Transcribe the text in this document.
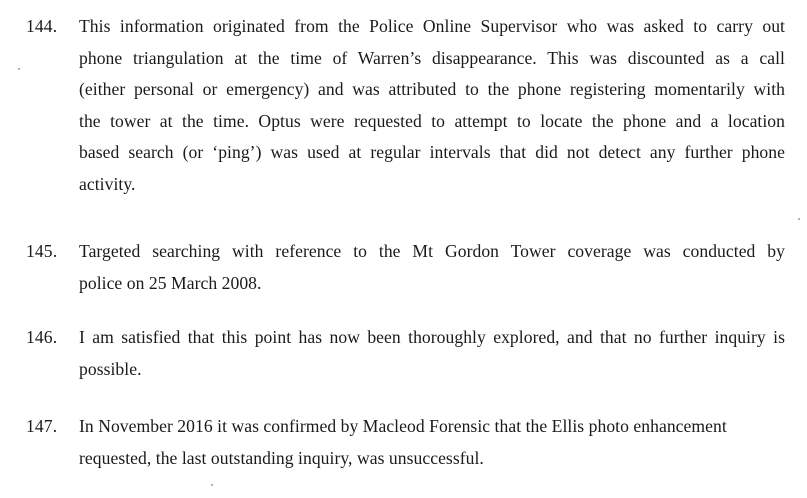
144. This information originated from the Police Online Supervisor who was asked to carry out
phone triangulation at the time of Warren’s disappearance. This was discounted as a call
(either personal or emergency) and was attributed to the phone registering momentarily with
the tower at the time. Optus were requested to attempt to locate the phone and a location
based search (or ‘ping’) was used at regular intervals that did not detect any further phone
activity.
145. Targeted searching with reference to the Mt Gordon Tower coverage was conducted by
police on 25 March 2008.
146. I am satisfied that this point has now been thoroughly explored, and that no further inquiry is
possible.
147. In November 2016 it was confirmed by Macleod Forensic that the Ellis photo enhancement
requested, the last outstanding inquiry, was unsuccessful.
